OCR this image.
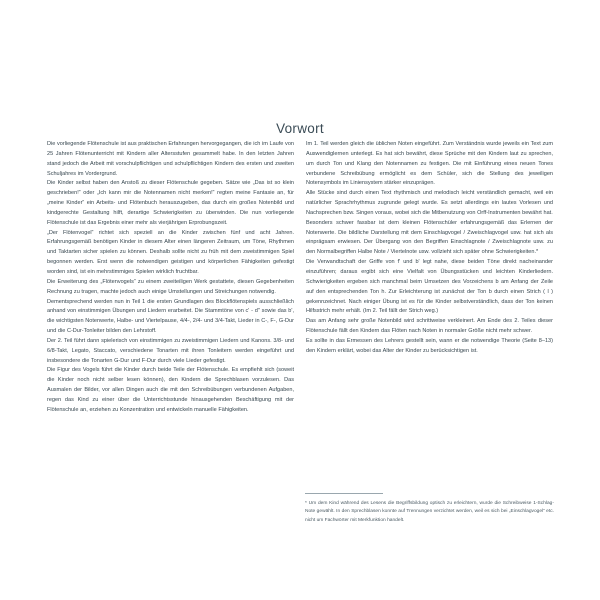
Vorwort

Die vorliegende Flötenschule ist aus praktischen Erfahrungen hervorgegangen, die ich im Laufe von 25 Jahren Flötenunterricht mit Kindern aller Altersstufen gesammelt habe. In den letzten Jahren stand jedoch die Arbeit mit vorschulpflichtigen und schulpflichtigen Kindern des ersten und zweiten Schuljahres im Vordergrund.

Die Kinder selbst haben den Anstoß zu dieser Flötenschule gegeben. Sätze wie „Das ist so klein geschrieben!“ oder „Ich kann mir die Notennamen nicht merken!“ regten meine Fantasie an, für „meine Kinder“ ein Arbeits- und Flötenbuch herauszugeben, das durch ein großes Notenbild und kindgerechte Gestaltung hilft, derartige Schwierigkeiten zu überwinden. Die nun vorliegende Flötenschule ist das Ergebnis einer mehr als vierjährigen Erprobungszeit.

„Der Flötenvogel“ richtet sich speziell an die Kinder zwischen fünf und acht Jahren. Erfahrungsgemäß benötigen Kinder in diesem Alter einen längeren Zeitraum, um Töne, Rhythmen und Taktarten sicher spielen zu können. Deshalb sollte nicht zu früh mit dem zweistimmigen Spiel begonnen werden. Erst wenn die notwendigen geistigen und körperlichen Fähigkeiten gefestigt worden sind, ist ein mehrstimmiges Spielen wirklich fruchtbar.

Die Erweiterung des „Flötenvogels“ zu einem zweiteiligen Werk gestattete, diesen Gegebenheiten Rechnung zu tragen, machte jedoch auch einige Umstellungen und Streichungen notwendig.

Dementsprechend werden nun in Teil 1 die ersten Grundlagen des Blockflötenspiels ausschließlich anhand von einstimmigen Übungen und Liedern erarbeitet. Die Stammtöne von c' - d'' sowie das b', die wichtigsten Notenwerte, Halbe- und Viertelpause, 4/4-, 2/4- und 3/4-Takt, Lieder in C-, F-, G-Dur und die C-Dur-Tonleiter bilden den Lehrstoff.

Der 2. Teil führt dann spielerisch von einstimmigen zu zweistimmigen Liedern und Kanons. 3/8- und 6/8-Takt, Legato, Staccato, verschiedene Tonarten mit ihren Tonleitern werden eingeführt und insbesondere die Tonarten G-Dur und F-Dur durch viele Lieder gefestigt.

Die Figur des Vogels führt die Kinder durch beide Teile der Flötenschule. Es empfiehlt sich (soweit die Kinder noch nicht selber lesen können), den Kindern die Sprechblasen vorzulesen. Das Ausmalen der Bilder, vor allen Dingen auch die mit den Schreibübungen verbundenen Aufgaben, regen das Kind zu einer über die Unterrichtsstunde hinausgehenden Beschäftigung mit der Flötenschule an, erziehen zu Konzentration und entwickeln manuelle Fähigkeiten.

Im 1. Teil werden gleich die üblichen Noten eingeführt. Zum Verständnis wurde jeweils ein Text zum Auswendiglernen unterlegt. Es hat sich bewährt, diese Sprüche mit den Kindern laut zu sprechen, um durch Ton und Klang den Notennamen zu festigen. Die mit Einführung eines neuen Tones verbundene Schreibübung ermöglicht es dem Schüler, sich die Stellung des jeweiligen Notensymbols im Liniensystem stärker einzuprägen.

Alle Stücke sind durch einen Text rhythmisch und melodisch leicht verständlich gemacht, weil ein natürlicher Sprachrhythmus zugrunde gelegt wurde. Es setzt allerdings ein lautes Vorlesen und Nachsprechen bzw. Singen voraus, wobei sich die Mitbenutzung von Orff-Instrumenten bewährt hat.

Besonders schwer fassbar ist dem kleinen Flötenschüler erfahrungsgemäß das Erlernen der Notenwerte. Die bildliche Darstellung mit dem Einschlagvogel / Zweischlagvogel usw. hat sich als einprägsam erwiesen. Der Übergang von den Begriffen Einschlagnote / Zweischlagnote usw. zu den Normalbegriffen Halbe Note / Viertelnote usw. vollzieht sich später ohne Schwierigkeiten.*

Die Verwandtschaft der Griffe von f' und b' legt nahe, diese beiden Töne direkt nacheinander einzuführen; daraus ergibt sich eine Vielfalt von Übungsstücken und leichten Kinderliedern. Schwierigkeiten ergeben sich manchmal beim Umsetzen des Vorzeichens b am Anfang der Zeile auf den entsprechenden Ton h. Zur Erleichterung ist zunächst der Ton b durch einen Strich ( l ) gekennzeichnet. Nach einiger Übung ist es für die Kinder selbstverständlich, dass der Ton keinen Hilfsstrich mehr erhält. (Im 2. Teil fällt der Strich weg.)

Das am Anfang sehr große Notenbild wird schrittweise verkleinert. Am Ende des 2. Teiles dieser Flötenschule fällt den Kindern das Flöten nach Noten in normaler Größe nicht mehr schwer.

Es sollte in das Ermessen des Lehrers gestellt sein, wann er die notwendige Theorie (Seite 8–13) den Kindern erklärt, wobei das Alter der Kinder zu berücksichtigen ist.

* Um dem Kind während des Lesens die Begriffsbildung optisch zu erleichtern, wurde die Schreibweise 1-Schlag-Note gewählt. In den Sprechblasen konnte auf Trennungen verzichtet werden, weil es sich bei „Einschlagvogel“ etc. nicht um Fachwörter mit Merkfunktion handelt.
